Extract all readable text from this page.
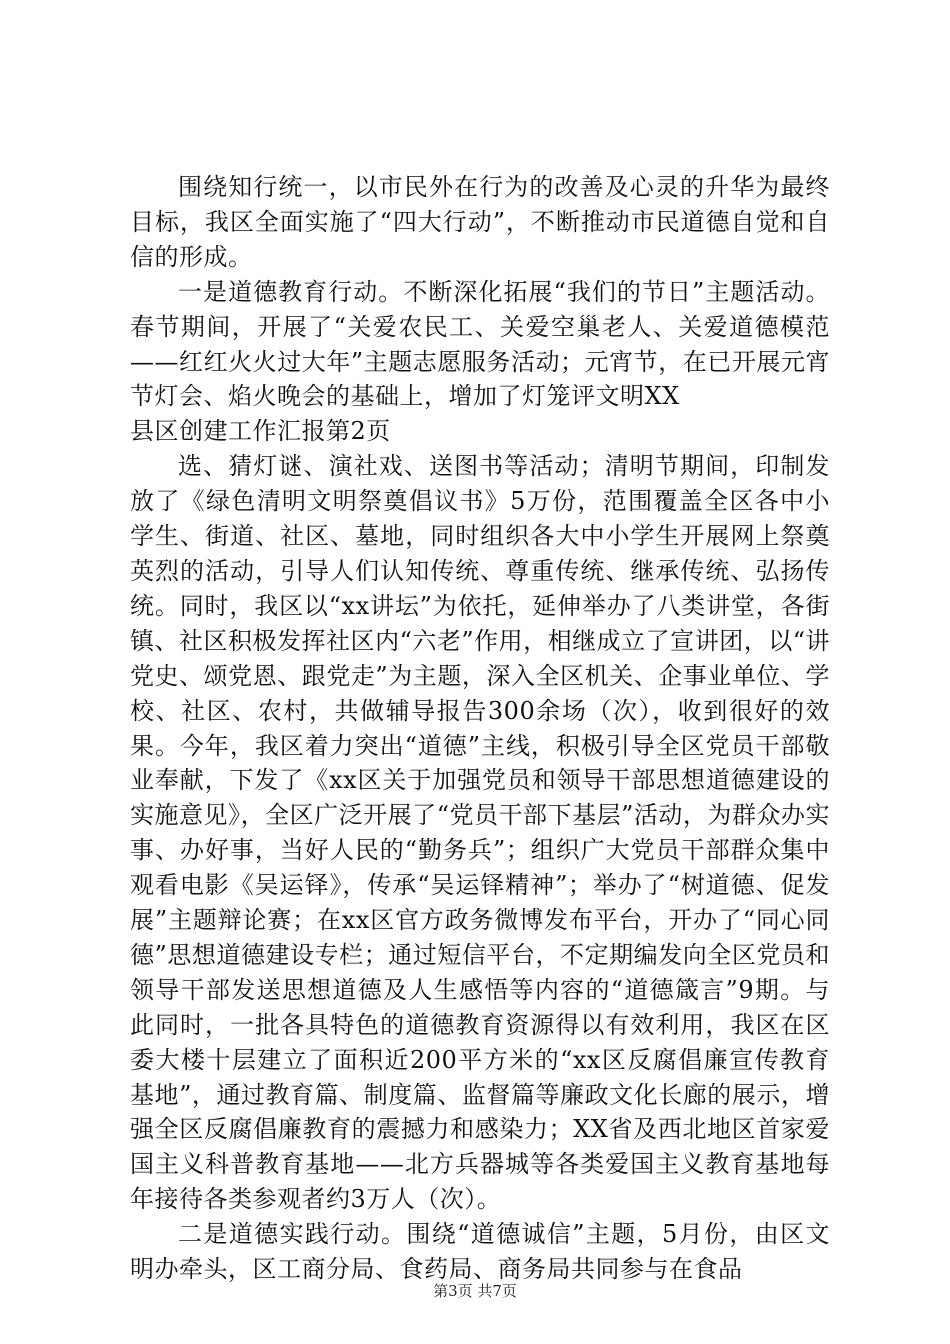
围绕知行统一，以市民外在行为的改善及心灵的升华为最终目标，我区全面实施了“四大行动”，不断推动市民道德自觉和自信的形成。

一是道德教育行动。不断深化拓展“我们的节日”主题活动。春节期间，开展了“关爱农民工、关爱空巢老人、关爱道德模范——红红火火过大年”主题志愿服务活动；元宵节，在已开展元宵节灯会、焰火晚会的基础上，增加了灯笼评文明XX

县区创建工作汇报第2页

选、猜灯谜、演社戏、送图书等活动；清明节期间，印制发放了《绿色清明文明祭奠倡议书》5万份，范围覆盖全区各中小学生、街道、社区、墓地，同时组织各大中小学生开展网上祭奠英烈的活动，引导人们认知传统、尊重传统、继承传统、弘扬传统。同时，我区以“xx讲坛”为依托，延伸举办了八类讲堂，各街镇、社区积极发挥社区内“六老”作用，相继成立了宣讲团，以“讲党史、颂党恩、跟党走”为主题，深入全区机关、企事业单位、学校、社区、农村，共做辅导报告300余场（次），收到很好的效果。今年，我区着力突出“道德”主线，积极引导全区党员干部敬业奉献，下发了《xx区关于加强党员和领导干部思想道德建设的实施意见》，全区广泛开展了“党员干部下基层”活动，为群众办实事、办好事，当好人民的“勤务兵”；组织广大党员干部群众集中观看电影《吴运铎》，传承“吴运铎精神”；举办了“树道德、促发展”主题辩论赛；在xx区官方政务微博发布平台，开办了“同心同德”思想道德建设专栏；通过短信平台，不定期编发向全区党员和领导干部发送思想道德及人生感悟等内容的“道德箴言”9期。与此同时，一批各具特色的道德教育资源得以有效利用，我区在区委大楼十层建立了面积近200平方米的“xx区反腐倡廉宣传教育基地”，通过教育篇、制度篇、监督篇等廉政文化长廊的展示，增强全区反腐倡廉教育的震撼力和感染力；XX省及西北地区首家爱国主义科普教育基地——北方兵器城等各类爱国主义教育基地每年接待各类参观者约3万人（次）。

二是道德实践行动。围绕“道德诚信”主题，5月份，由区文明办牵头，区工商分局、食药局、商务局共同参与在食品

第3页 共7页
